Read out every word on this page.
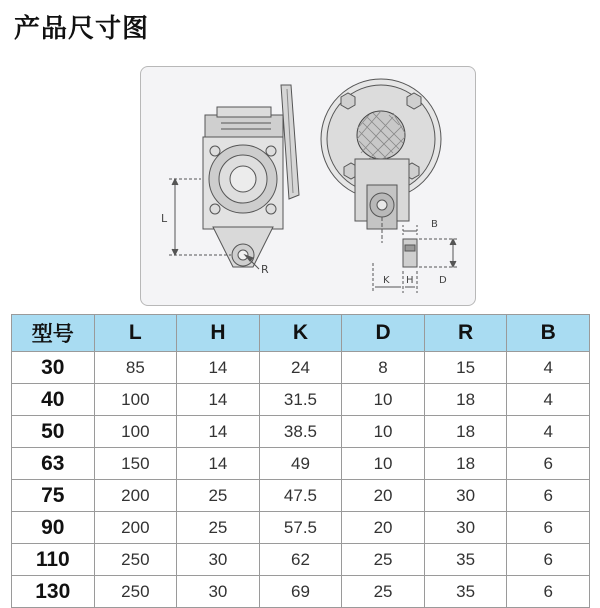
产品尺寸图
L
R
B
K H	D
型号	L	H	K	D	R	B
30	85	14	24	8	15	4
40	100	14	31.5	10	18	4
50	100	14	38.5	10	18	4
63	150	14	49	10	18	6
75	200	25	47.5	20	30	6
90	200	25	57.5	20	30	6
110	250	30	62	25	35	6
130	250	30	69	25	35	6
